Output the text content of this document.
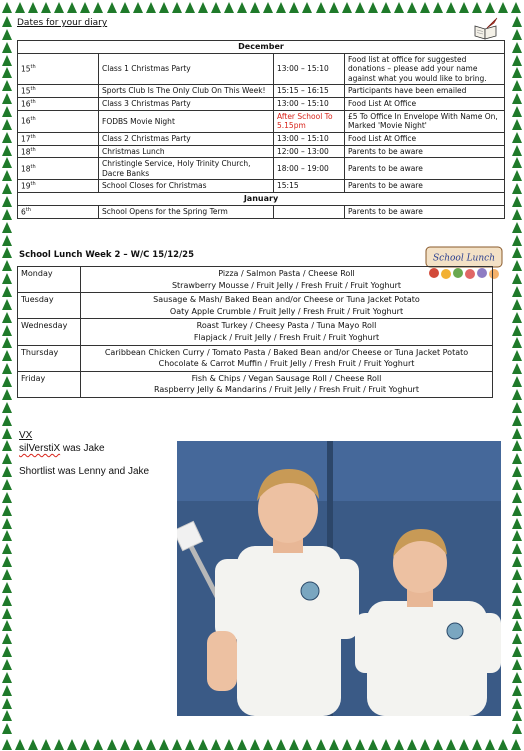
Dates for your diary
December			
15th	Class 1 Christmas Party	13:00 – 15:10	Food list at office for suggested donations – please add your name against what you would like to bring.
15th	Sports Club Is The Only Club On This Week!	15:15 – 16:15	Participants have been emailed
16th	Class 3 Christmas Party	13:00 – 15:10	Food List At Office
16th	FODBS Movie Night	After School To 5.15pm	£5 To Office In Envelope With Name On, Marked 'Movie Night'
17th	Class 2 Christmas Party	13:00 – 15:10	Food List At Office
18th	Christmas Lunch	12:00 – 13:00	Parents to be aware
18th	Christingle Service, Holy Trinity Church, Dacre Banks	18:00 – 19:00	Parents to be aware
19th	School Closes for Christmas	15:15	Parents to be aware
January			
6th	School Opens for the Spring Term		Parents to be aware
School Lunch Week 2 – W/C 15/12/25	School Lunch
Monday	Pizza / Salmon Pasta / Cheese Roll
Strawberry Mousse / Fruit Jelly / Fresh Fruit / Fruit Yoghurt

Tuesday	Sausage & Mash/ Baked Bean and/or Cheese or Tuna Jacket Potato
Oaty Apple Crumble / Fruit Jelly / Fresh Fruit / Fruit Yoghurt

Wednesday	Roast Turkey / Cheesy Pasta / Tuna Mayo Roll
Flapjack / Fruit Jelly / Fresh Fruit / Fruit Yoghurt

Thursday	Caribbean Chicken Curry / Tomato Pasta / Baked Bean and/or Cheese or Tuna Jacket Potato
Chocolate & Carrot Muffin / Fruit Jelly / Fresh Fruit / Fruit Yoghurt

Friday	Fish & Chips / Vegan Sausage Roll / Cheese Roll
Raspberry Jelly & Mandarins / Fruit Jelly / Fresh Fruit / Fruit Yoghurt
VX
silVerstiX was Jake
Shortlist was Lenny and Jake
